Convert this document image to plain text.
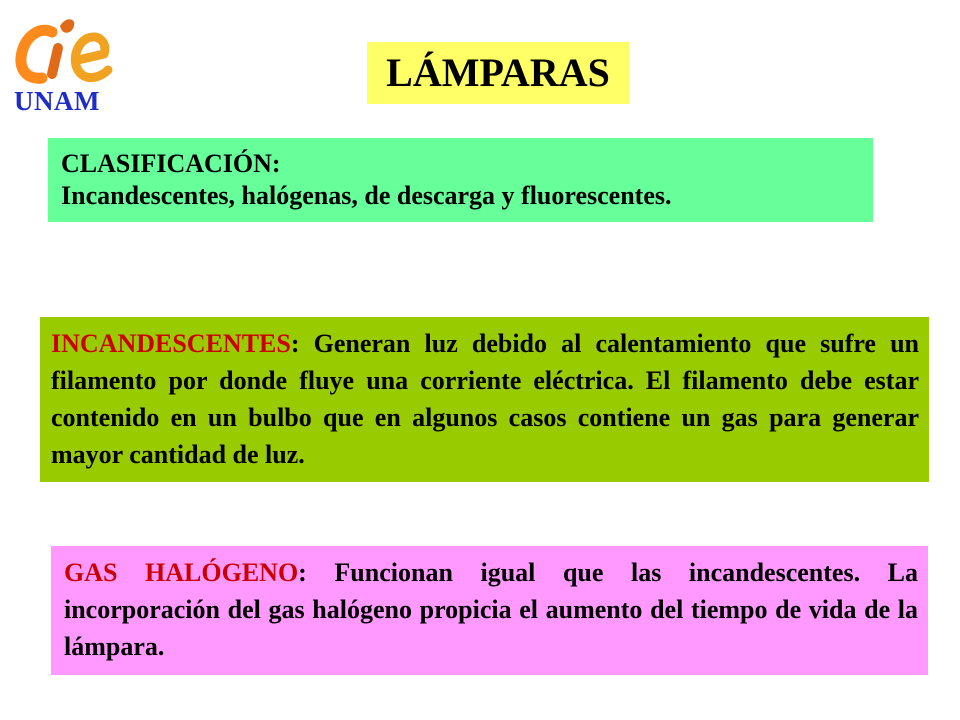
UNAM
LÁMPARAS
CLASIFICACIÓN:
Incandescentes, halógenas, de descarga y fluorescentes.
INCANDESCENTES: Generan luz debido al calentamiento que sufre un filamento por donde fluye una corriente eléctrica. El filamento debe estar contenido en un bulbo que en algunos casos contiene un gas para generar mayor cantidad de luz.
GAS HALÓGENO: Funcionan igual que las incandescentes. La incorporación del gas halógeno propicia el aumento del tiempo de vida de la lámpara.
